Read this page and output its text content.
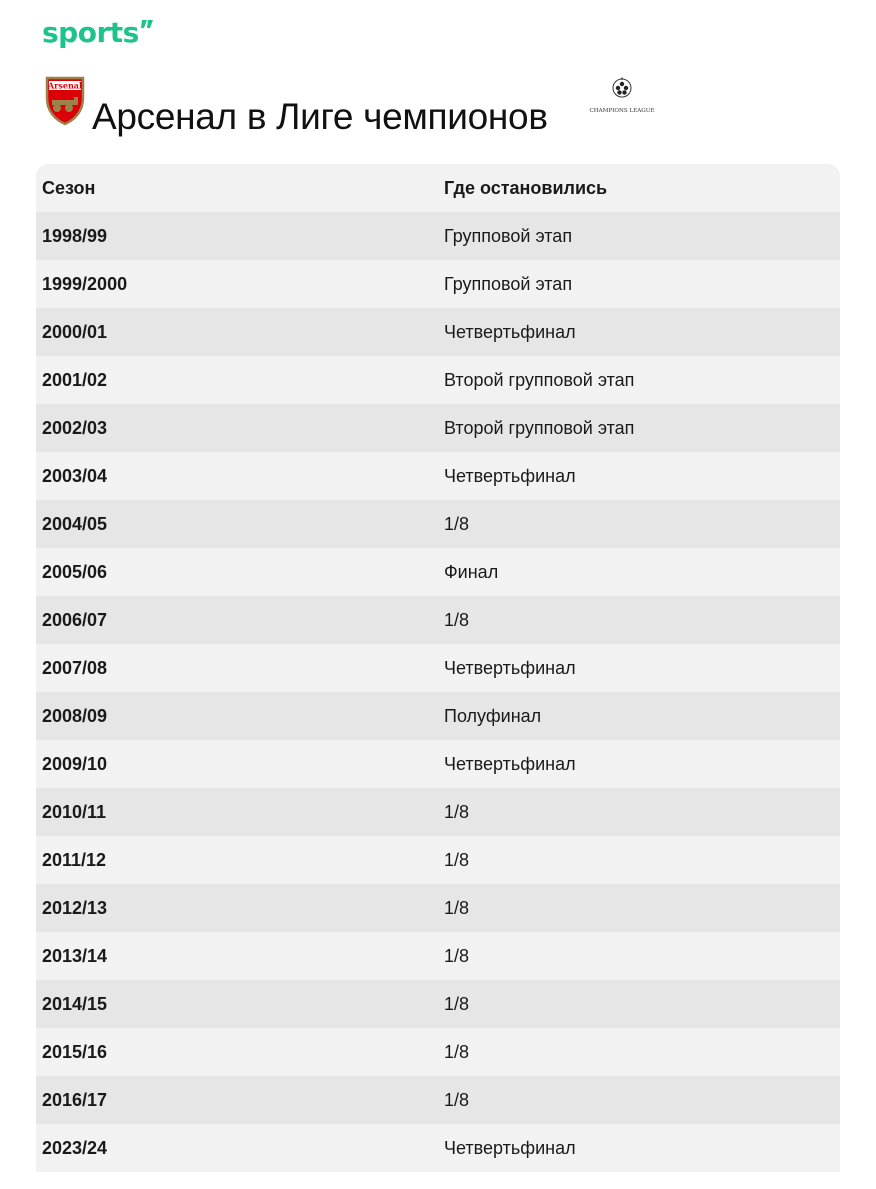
sports
Arsenal
Арсенал в Лиге чемпионов	CHAMPIONS LEAGUE
Сезон	Где остановились
1998/99	Групповой этап
1999/2000	Групповой этап
2000/01	Четвертьфинал
2001/02	Второй групповой этап
2002/03	Второй групповой этап
2003/04	Четвертьфинал
2004/05	1/8
2005/06	Финал
2006/07	1/8
2007/08	Четвертьфинал
2008/09	Полуфинал
2009/10	Четвертьфинал
2010/11	1/8
2011/12	1/8
2012/13	1/8
2013/14	1/8
2014/15	1/8
2015/16	1/8
2016/17	1/8
2023/24	Четвертьфинал
